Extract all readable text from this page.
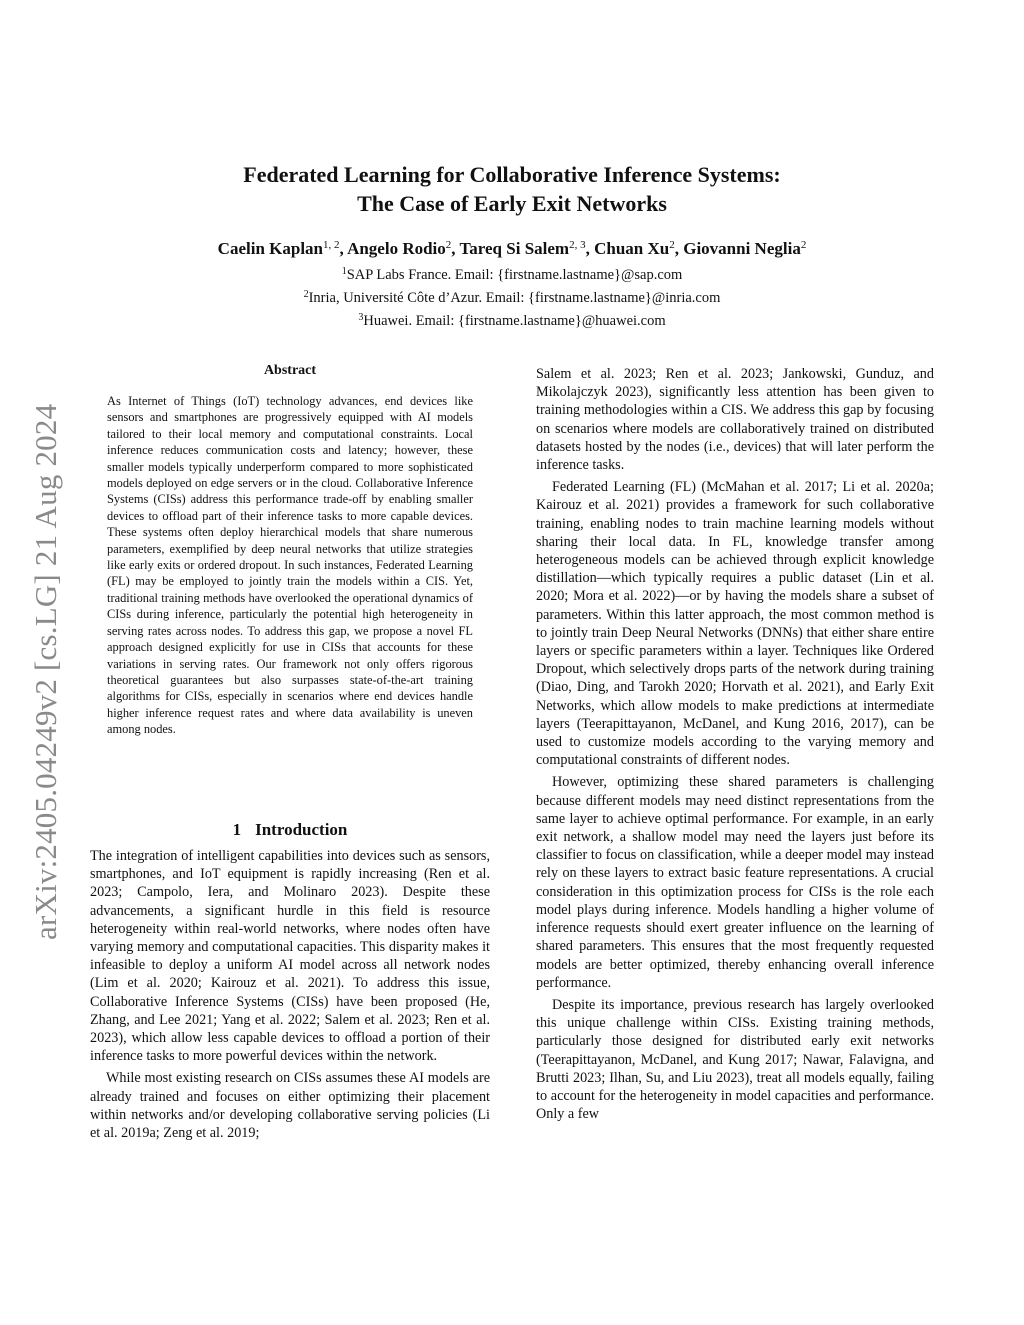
Federated Learning for Collaborative Inference Systems:
The Case of Early Exit Networks
Caelin Kaplan$^{1, 2}$, Angelo Rodio$^2$, Tareq Si Salem$^{2, 3}$, Chuan Xu$^2$, Giovanni Neglia$^2$
$^1$SAP Labs France. Email: {firstname.lastname}@sap.com
$^2$Inria, Université Côte d’Azur. Email: {firstname.lastname}@inria.com
$^3$Huawei. Email: {firstname.lastname}@huawei.com
arXiv:2405.04249v2 [cs.LG] 21 Aug 2024
Abstract

As Internet of Things (IoT) technology advances, end devices like sensors and smartphones are progressively equipped with AI models tailored to their local memory and computational constraints. Local inference reduces communication costs and latency; however, these smaller models typically underperform compared to more sophisticated models deployed on edge servers or in the cloud. Collaborative Inference Systems (CISs) address this performance trade-off by enabling smaller devices to offload part of their inference tasks to more capable devices. These systems often deploy hierarchical models that share numerous parameters, exemplified by deep neural networks that utilize strategies like early exits or ordered dropout. In such instances, Federated Learning (FL) may be employed to jointly train the models within a CIS. Yet, traditional training methods have overlooked the operational dynamics of CISs during inference, particularly the potential high heterogeneity in serving rates across nodes. To address this gap, we propose a novel FL approach designed explicitly for use in CISs that accounts for these variations in serving rates. Our framework not only offers rigorous theoretical guarantees but also surpasses state-of-the-art training algorithms for CISs, especially in scenarios where end devices handle higher inference request rates and where data availability is uneven among nodes.

1 Introduction

The integration of intelligent capabilities into devices such as sensors, smartphones, and IoT equipment is rapidly increasing (Ren et al. 2023; Campolo, Iera, and Molinaro 2023). Despite these advancements, a significant hurdle in this field is resource heterogeneity within real-world networks, where nodes often have varying memory and computational capacities. This disparity makes it infeasible to deploy a uniform AI model across all network nodes (Lim et al. 2020; Kairouz et al. 2021). To address this issue, Collaborative Inference Systems (CISs) have been proposed (He, Zhang, and Lee 2021; Yang et al. 2022; Salem et al. 2023; Ren et al. 2023), which allow less capable devices to offload a portion of their inference tasks to more powerful devices within the network.

While most existing research on CISs assumes these AI models are already trained and focuses on either optimizing their placement within networks and/or developing collaborative serving policies (Li et al. 2019a; Zeng et al. 2019;

Salem et al. 2023; Ren et al. 2023; Jankowski, Gunduz, and Mikolajczyk 2023), significantly less attention has been given to training methodologies within a CIS. We address this gap by focusing on scenarios where models are collaboratively trained on distributed datasets hosted by the nodes (i.e., devices) that will later perform the inference tasks.

Federated Learning (FL) (McMahan et al. 2017; Li et al. 2020a; Kairouz et al. 2021) provides a framework for such collaborative training, enabling nodes to train machine learning models without sharing their local data. In FL, knowledge transfer among heterogeneous models can be achieved through explicit knowledge distillation—which typically requires a public dataset (Lin et al. 2020; Mora et al. 2022)—or by having the models share a subset of parameters. Within this latter approach, the most common method is to jointly train Deep Neural Networks (DNNs) that either share entire layers or specific parameters within a layer. Techniques like Ordered Dropout, which selectively drops parts of the network during training (Diao, Ding, and Tarokh 2020; Horvath et al. 2021), and Early Exit Networks, which allow models to make predictions at intermediate layers (Teerapittayanon, McDanel, and Kung 2016, 2017), can be used to customize models according to the varying memory and computational constraints of different nodes.

However, optimizing these shared parameters is challenging because different models may need distinct representations from the same layer to achieve optimal performance. For example, in an early exit network, a shallow model may need the layers just before its classifier to focus on classification, while a deeper model may instead rely on these layers to extract basic feature representations. A crucial consideration in this optimization process for CISs is the role each model plays during inference. Models handling a higher volume of inference requests should exert greater influence on the learning of shared parameters. This ensures that the most frequently requested models are better optimized, thereby enhancing overall inference performance.

Despite its importance, previous research has largely overlooked this unique challenge within CISs. Existing training methods, particularly those designed for distributed early exit networks (Teerapittayanon, McDanel, and Kung 2017; Nawar, Falavigna, and Brutti 2023; Ilhan, Su, and Liu 2023), treat all models equally, failing to account for the heterogeneity in model capacities and performance. Only a few
